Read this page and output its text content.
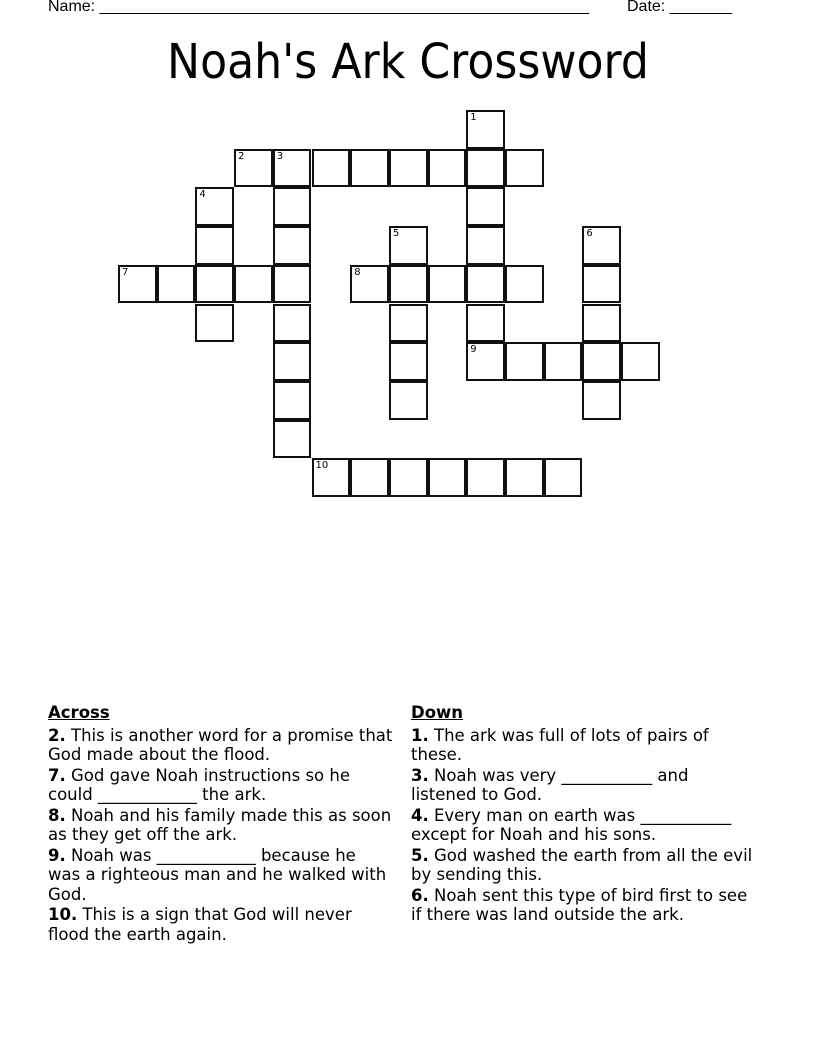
Name: _______________________________________________________ Date: _______
Noah's Ark Crossword
1
9
2	3
4
5	6
7	8
10
Across
2. This is another word for a promise that God made about the flood.
7. God gave Noah instructions so he could ____________ the ark.
8. Noah and his family made this as soon as they get off the ark.
9. Noah was ____________ because he was a righteous man and he walked with God.
10. This is a sign that God will never flood the earth again.
Down
1. The ark was full of lots of pairs of these.
3. Noah was very ___________ and listened to God.
4. Every man on earth was ___________ except for Noah and his sons.
5. God washed the earth from all the evil by sending this.
6. Noah sent this type of bird first to see if there was land outside the ark.
